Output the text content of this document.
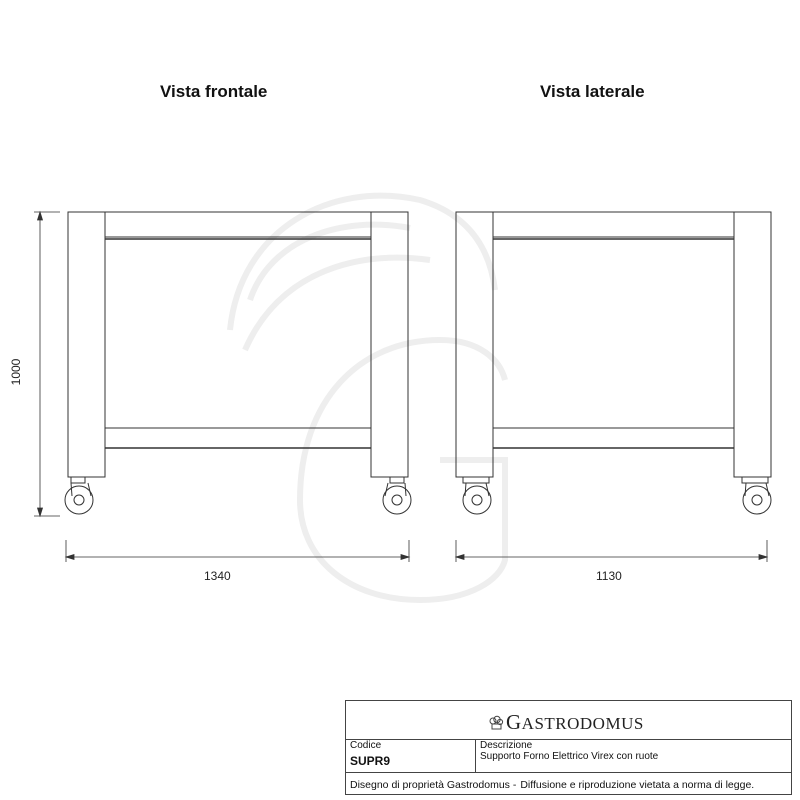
Vista frontale	Vista laterale
1340	1130
1000
GASTRODOMUS
Codice
SUPR9
Descrizione
Supporto Forno Elettrico Virex con ruote
Disegno di proprietà Gastrodomus - Diffusione e riproduzione vietata a norma di legge.
